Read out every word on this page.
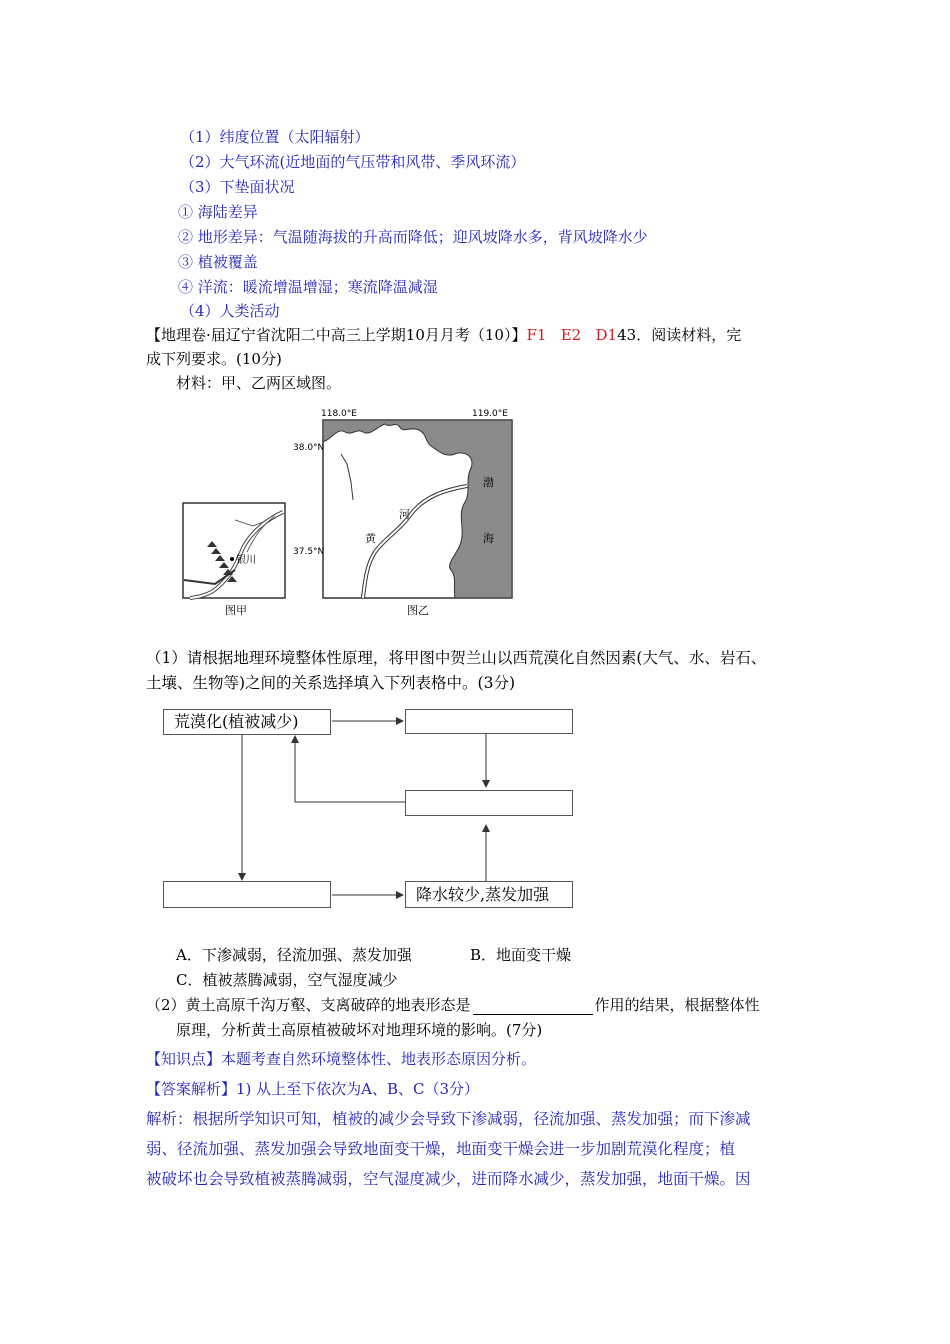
（1）纬度位置（太阳辐射）
（2）大气环流(近地面的气压带和风带、季风环流）
（3）下垫面状况
① 海陆差异
② 地形差异：气温随海拔的升高而降低；迎风坡降水多，背风坡降水少
③ 植被覆盖
④ 洋流：暖流增温增湿；寒流降温减湿
（4）人类活动
【地理卷·届辽宁省沈阳二中高三上学期10月月考（10）】F1 E2 D143．阅读材料，完
成下列要求。(10分)
材料：甲、乙两区域图。
银川
118.0°E	119.0°E
38.0°N
37.5°N
渤
海
河
黄
图甲	图乙
（1）请根据地理环境整体性原理，将甲图中贺兰山以西荒漠化自然因素(大气、水、岩石、
土壤、生物等)之间的关系选择填入下列表格中。(3分)
荒漠化(植被减少)
降水较少,蒸发加强
A．下渗减弱，径流加强、蒸发加强	B．地面变干燥
C．植被蒸腾减弱，空气湿度减少
（2）黄土高原千沟万壑、支离破碎的地表形态是	作用的结果，根据整体性
原理，分析黄土高原植被破坏对地理环境的影响。(7分)
【知识点】本题考查自然环境整体性、地表形态原因分析。
【答案解析】1) 从上至下依次为A、B、C（3分）
解析：根据所学知识可知，植被的减少会导致下渗减弱，径流加强、蒸发加强；而下渗减
弱、径流加强、蒸发加强会导致地面变干燥，地面变干燥会进一步加剧荒漠化程度；植
被破坏也会导致植被蒸腾减弱，空气湿度减少，进而降水减少，蒸发加强，地面干燥。因
